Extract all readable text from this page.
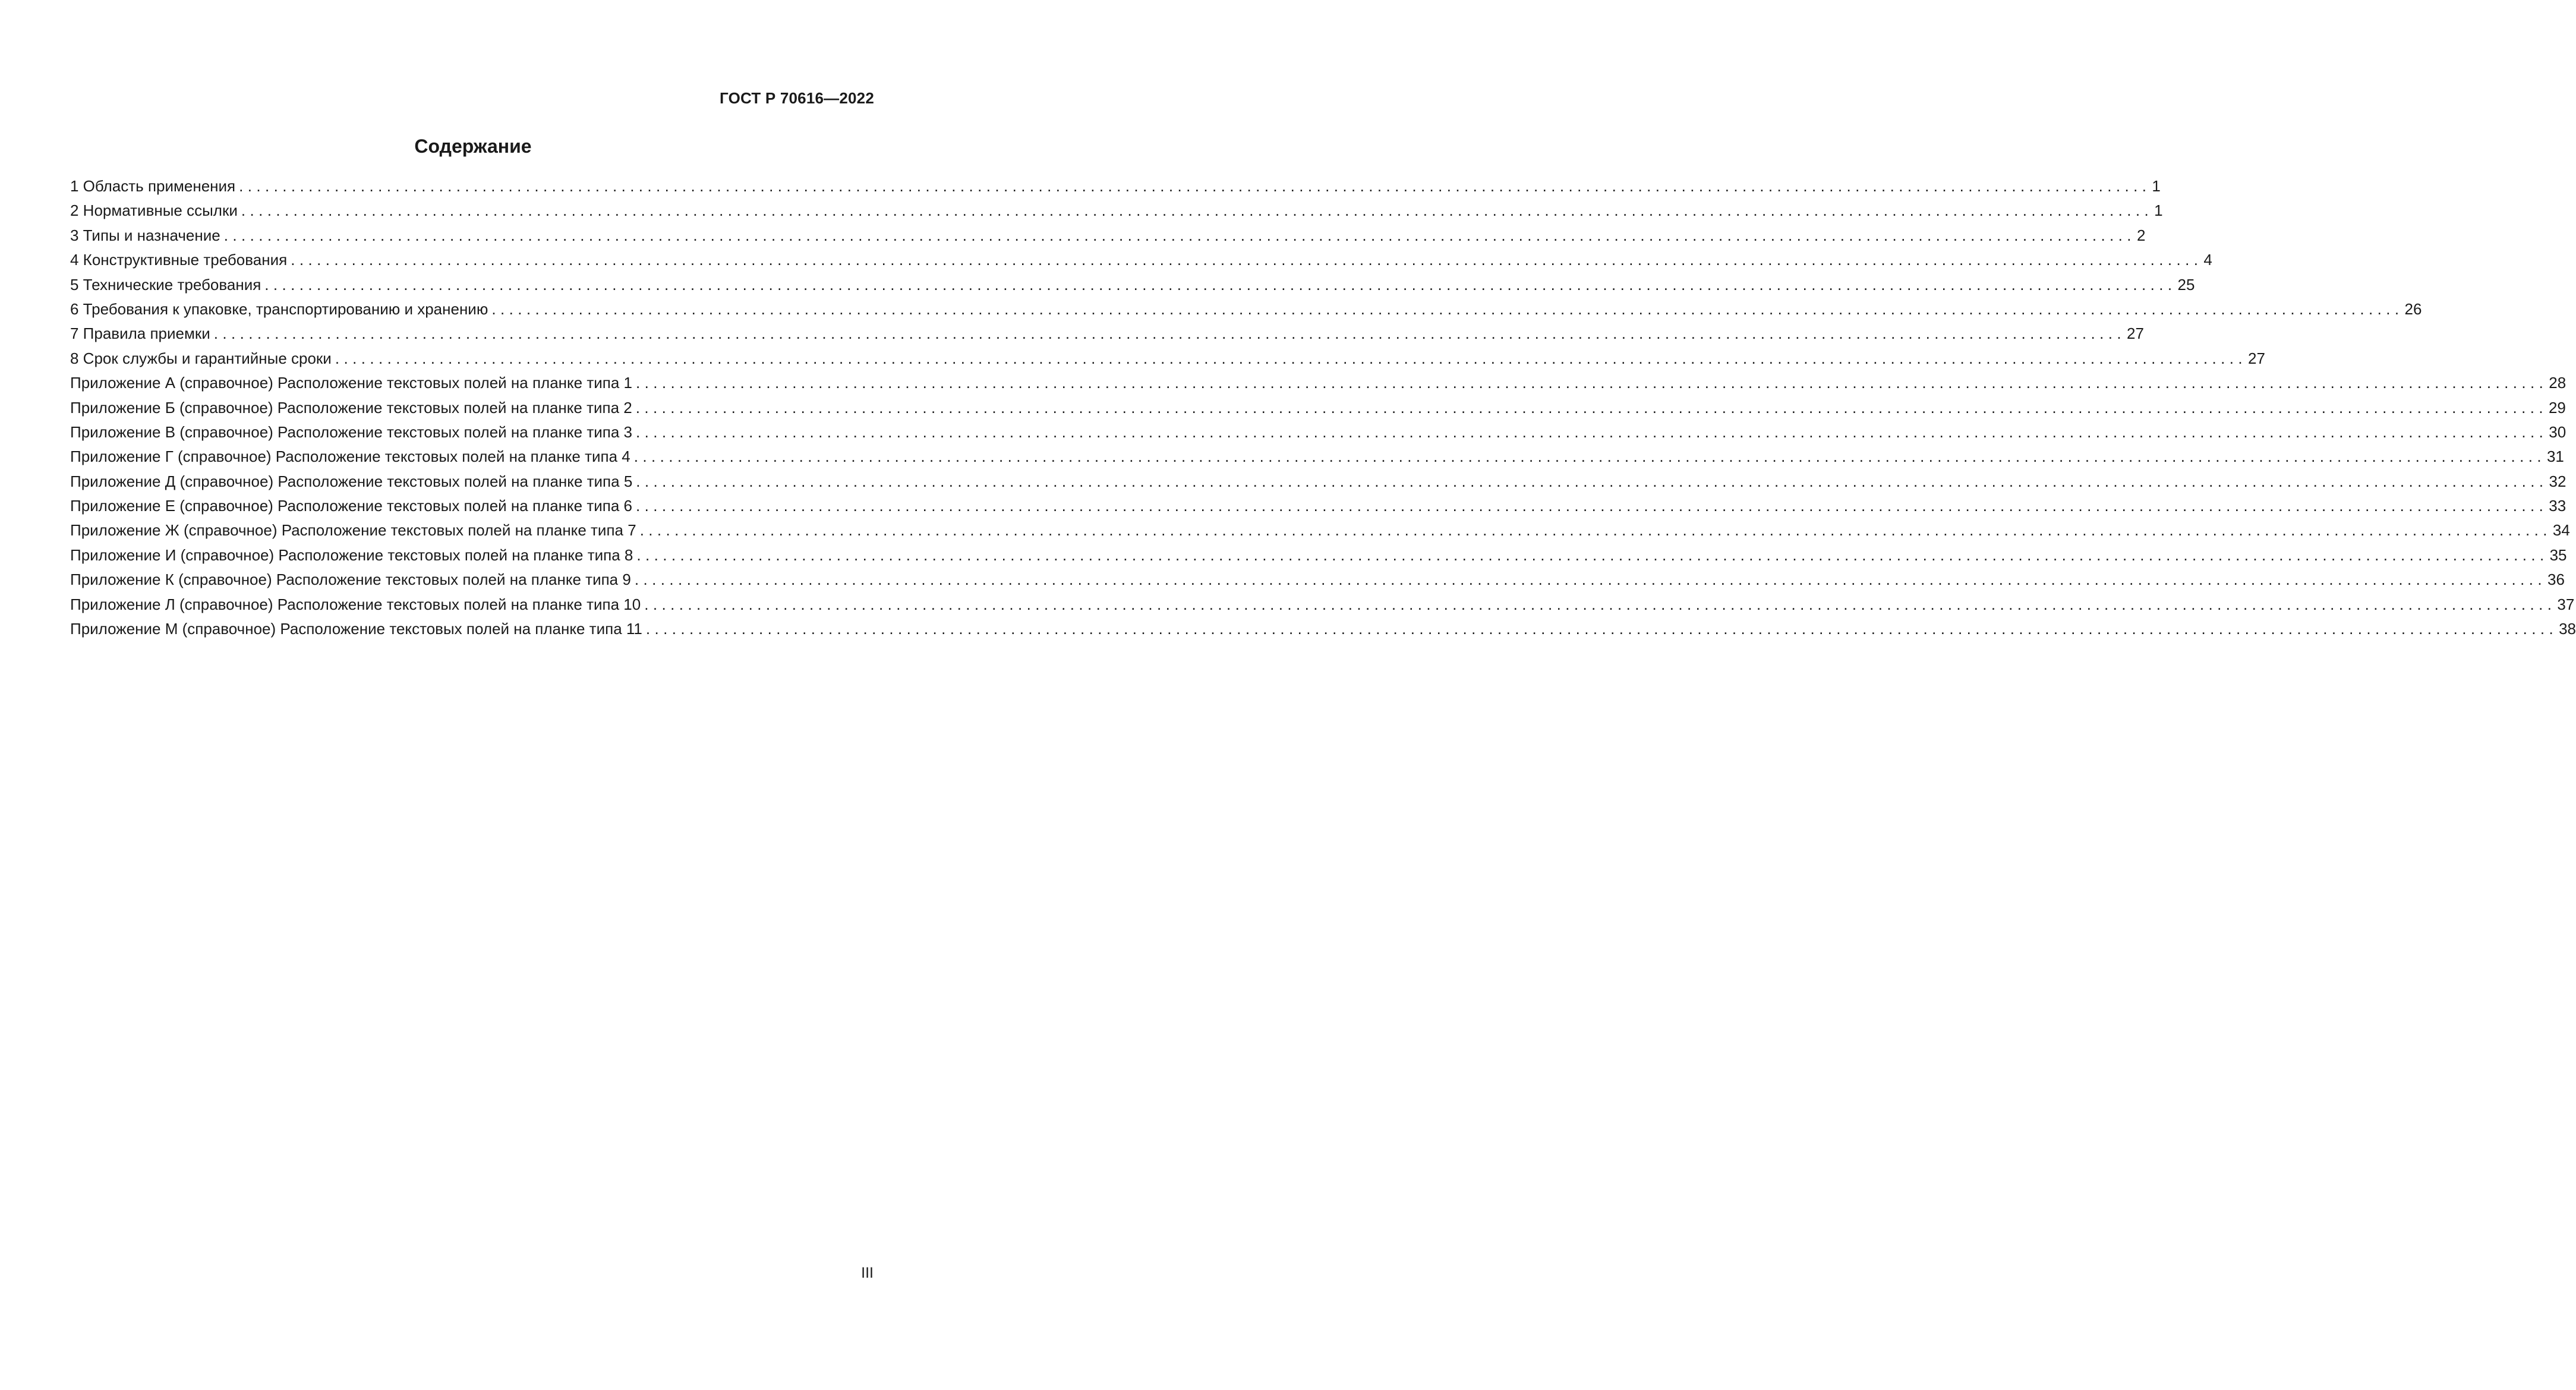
ГОСТ Р 70616—2022
Содержание
1 Область применения ............................................................................................................................................................................................................................ 1
2 Нормативные ссылки ............................................................................................................................................................................................................................ 1
3 Типы и назначение ............................................................................................................................................................................................................................ 2
4 Конструктивные требования ............................................................................................................................................................................................................................ 4
5 Технические требования ............................................................................................................................................................................................................................ 25
6 Требования к упаковке, транспортированию и хранению ............................................................................................................................................................................................................................ 26
7 Правила приемки ............................................................................................................................................................................................................................ 27
8 Срок службы и гарантийные сроки ............................................................................................................................................................................................................................ 27
Приложение А (справочное) Расположение текстовых полей на планке типа 1 ............................................................................................................................................................................................................................ 28
Приложение Б (справочное) Расположение текстовых полей на планке типа 2 ............................................................................................................................................................................................................................ 29
Приложение В (справочное) Расположение текстовых полей на планке типа 3 ............................................................................................................................................................................................................................ 30
Приложение Г (справочное) Расположение текстовых полей на планке типа 4 ............................................................................................................................................................................................................................ 31
Приложение Д (справочное) Расположение текстовых полей на планке типа 5 ............................................................................................................................................................................................................................ 32
Приложение Е (справочное) Расположение текстовых полей на планке типа 6 ............................................................................................................................................................................................................................ 33
Приложение Ж (справочное) Расположение текстовых полей на планке типа 7 ............................................................................................................................................................................................................................ 34
Приложение И (справочное) Расположение текстовых полей на планке типа 8 ............................................................................................................................................................................................................................ 35
Приложение К (справочное) Расположение текстовых полей на планке типа 9 ............................................................................................................................................................................................................................ 36
Приложение Л (справочное) Расположение текстовых полей на планке типа 10 ............................................................................................................................................................................................................................ 37
Приложение М (справочное) Расположение текстовых полей на планке типа 11 ............................................................................................................................................................................................................................ 38
III
